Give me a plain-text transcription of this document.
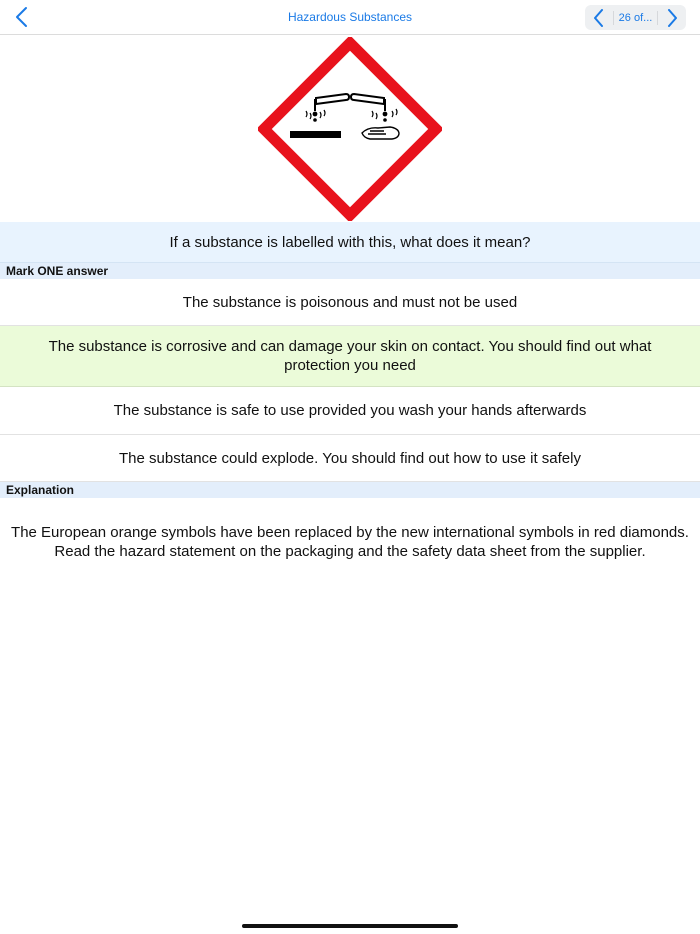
Hazardous Substances	26 of...
If a substance is labelled with this, what does it mean?
Mark ONE answer
The substance is poisonous and must not be used
The substance is corrosive and can damage your skin on contact. You should find out what protection you need
The substance is safe to use provided you wash your hands afterwards
The substance could explode. You should find out how to use it safely
Explanation
The European orange symbols have been replaced by the new international symbols in red diamonds. Read the hazard statement on the packaging and the safety data sheet from the supplier.
